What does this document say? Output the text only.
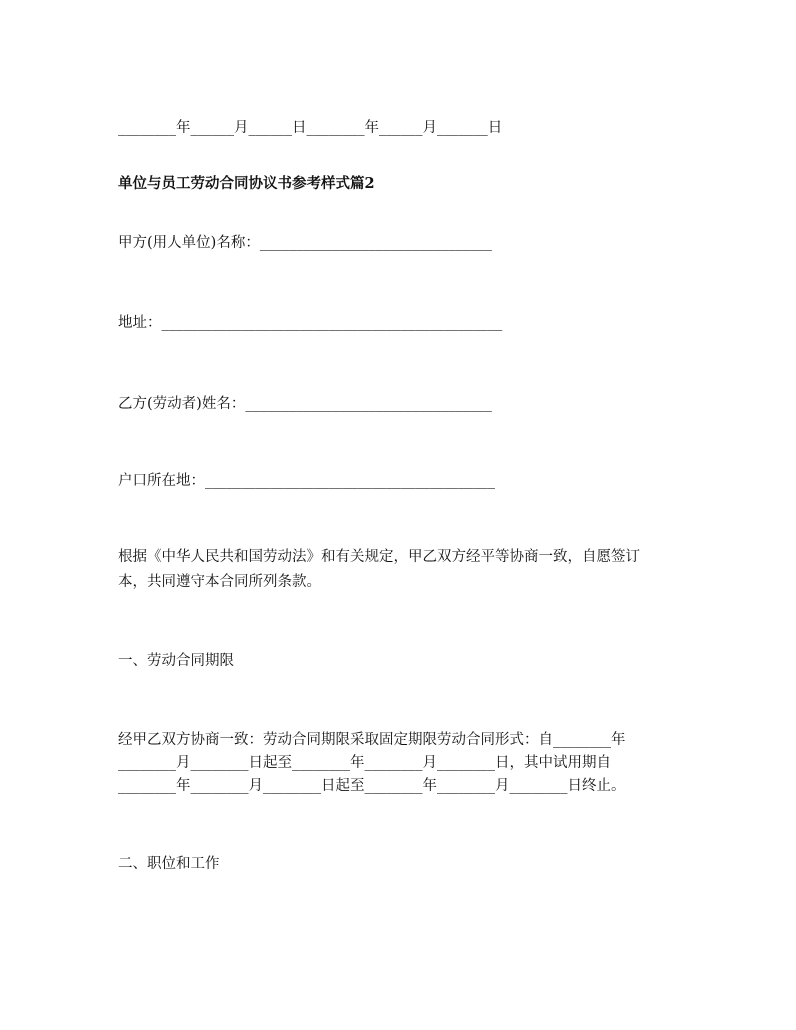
________年______月______日________年______月_______日
单位与员工劳动合同协议书参考样式篇2
甲方(用人单位)名称：________________________________
地址：_______________________________________________
乙方(劳动者)姓名：__________________________________
户口所在地：________________________________________
根据《中华人民共和国劳动法》和有关规定，甲乙双方经平等协商一致，自愿签订
本，共同遵守本合同所列条款。
一、劳动合同期限
经甲乙双方协商一致：劳动合同期限采取固定期限劳动合同形式：自________年
________月________日起至________年________月________日，其中试用期自
________年________月________日起至________年________月________日终止。
二、职位和工作
